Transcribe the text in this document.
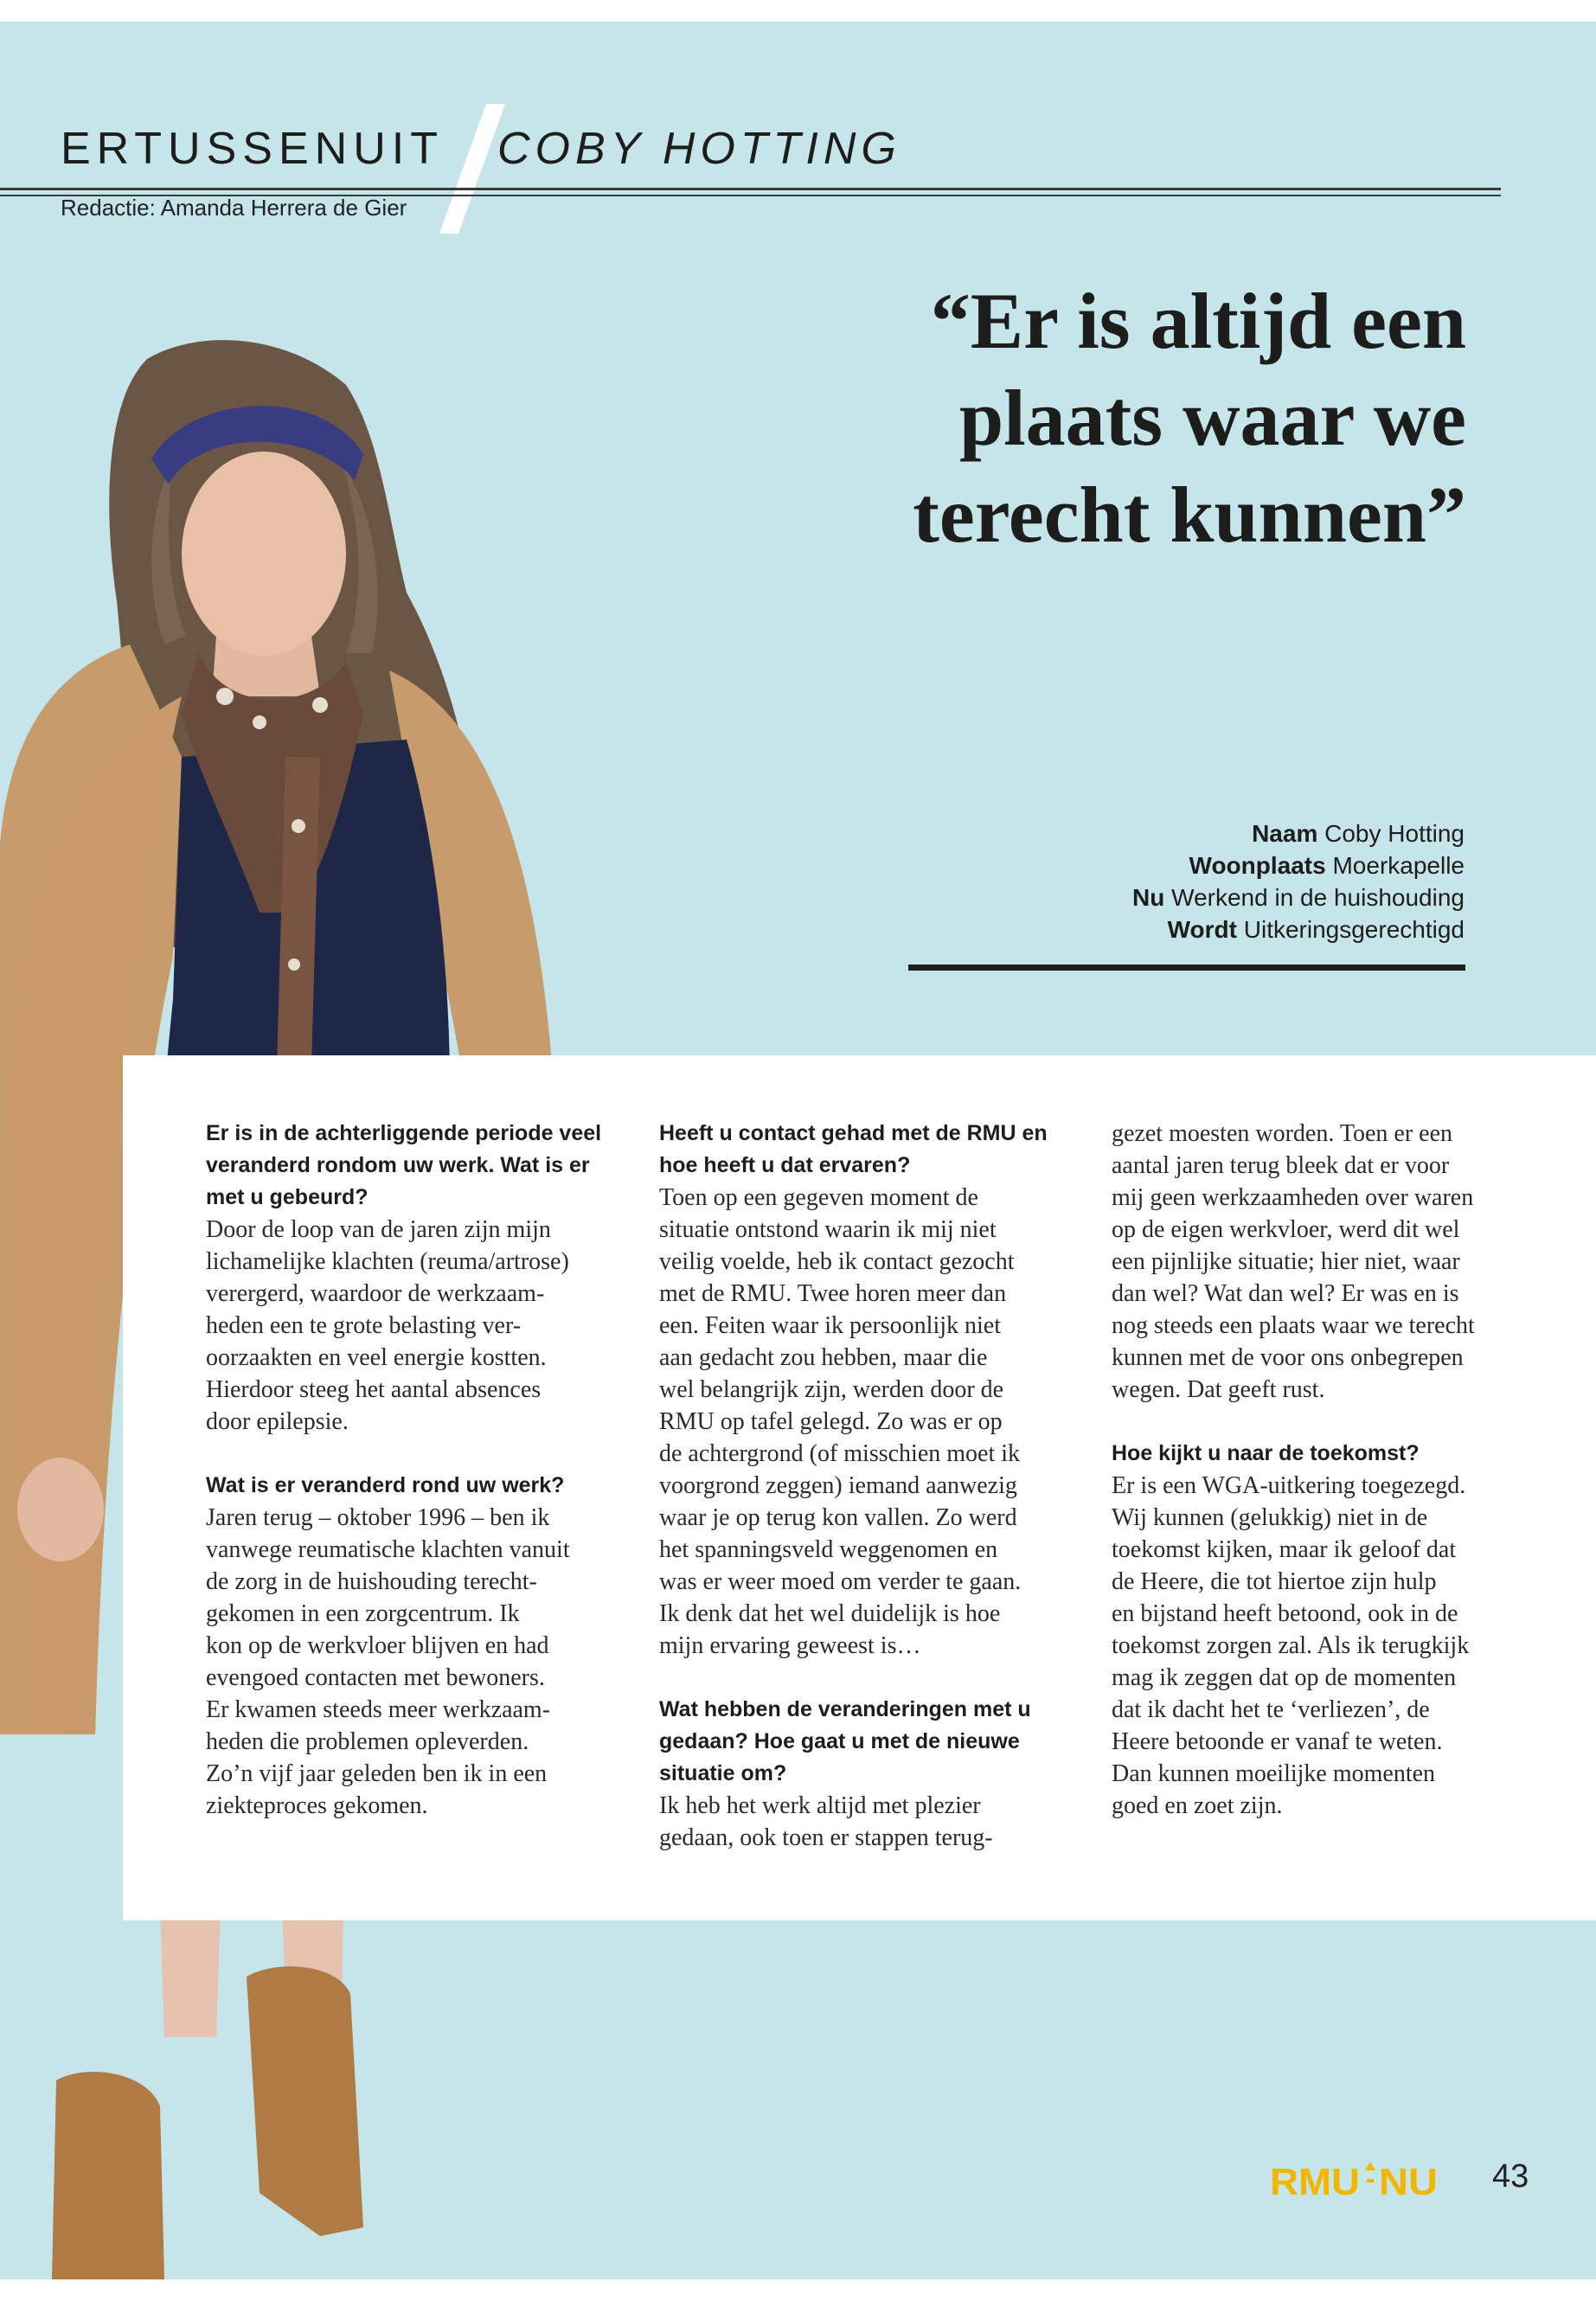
ERTUSSENUIT COBY HOTTING
Redactie: Amanda Herrera de Gier
“Er is altijd een
plaats waar we
terecht kunnen”
Naam Coby Hotting
Woonplaats Moerkapelle
Nu Werkend in de huishouding
Wordt Uitkeringsgerechtigd
Er is in de achterliggende periode veel
veranderd rondom uw werk. Wat is er
met u gebeurd?
Door de loop van de jaren zijn mijn
lichamelijke klachten (reuma/artrose)
verergerd, waardoor de werkzaam-
heden een te grote belasting ver-
oorzaakten en veel energie kostten.
Hierdoor steeg het aantal absences
door epilepsie.
Wat is er veranderd rond uw werk?
Jaren terug – oktober 1996 – ben ik
vanwege reumatische klachten vanuit
de zorg in de huishouding terecht-
gekomen in een zorgcentrum. Ik
kon op de werkvloer blijven en had
evengoed contacten met bewoners.
Er kwamen steeds meer werkzaam-
heden die problemen opleverden.
Zo’n vijf jaar geleden ben ik in een
ziekteproces gekomen.
Heeft u contact gehad met de RMU en
hoe heeft u dat ervaren?
Toen op een gegeven moment de
situatie ontstond waarin ik mij niet
veilig voelde, heb ik contact gezocht
met de RMU. Twee horen meer dan
een. Feiten waar ik persoonlijk niet
aan gedacht zou hebben, maar die
wel belangrijk zijn, werden door de
RMU op tafel gelegd. Zo was er op
de achtergrond (of misschien moet ik
voorgrond zeggen) iemand aanwezig
waar je op terug kon vallen. Zo werd
het spanningsveld weggenomen en
was er weer moed om verder te gaan.
Ik denk dat het wel duidelijk is hoe
mijn ervaring geweest is…
Wat hebben de veranderingen met u
gedaan? Hoe gaat u met de nieuwe
situatie om?
Ik heb het werk altijd met plezier
gedaan, ook toen er stappen terug-
gezet moesten worden. Toen er een
aantal jaren terug bleek dat er voor
mij geen werkzaamheden over waren
op de eigen werkvloer, werd dit wel
een pijnlijke situatie; hier niet, waar
dan wel? Wat dan wel? Er was en is
nog steeds een plaats waar we terecht
kunnen met de voor ons onbegrepen
wegen. Dat geeft rust.
Hoe kijkt u naar de toekomst?
Er is een WGA-uitkering toegezegd.
Wij kunnen (gelukkig) niet in de
toekomst kijken, maar ik geloof dat
de Heere, die tot hiertoe zijn hulp
en bijstand heeft betoond, ook in de
toekomst zorgen zal. Als ik terugkijk
mag ik zeggen dat op de momenten
dat ik dacht het te ‘verliezen’, de
Heere betoonde er vanaf te weten.
Dan kunnen moeilijke momenten
goed en zoet zijn.
RMU NU 43
